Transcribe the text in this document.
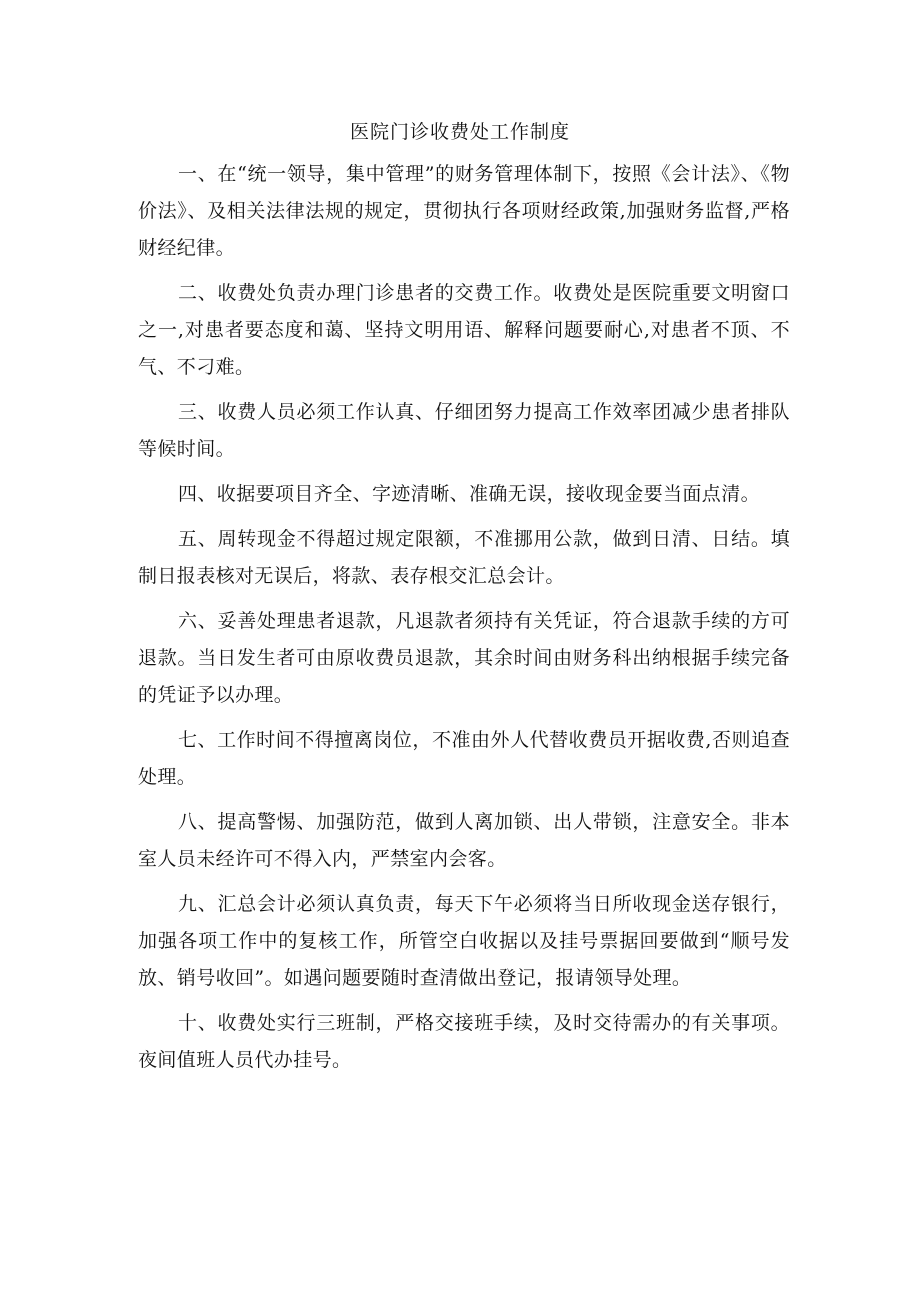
医院门诊收费处工作制度

一、在“统一领导，集中管理”的财务管理体制下，按照《会计法》、《物价法》、及相关法律法规的规定，贯彻执行各项财经政策,加强财务监督,严格财经纪律。

二、收费处负责办理门诊患者的交费工作。收费处是医院重要文明窗口之一,对患者要态度和蔼、坚持文明用语、解释问题要耐心,对患者不顶、不气、不刁难。

三、收费人员必须工作认真、仔细团努力提高工作效率团减少患者排队等候时间。

四、收据要项目齐全、字迹清晰、准确无误，接收现金要当面点清。

五、周转现金不得超过规定限额，不准挪用公款，做到日清、日结。填制日报表核对无误后，将款、表存根交汇总会计。

六、妥善处理患者退款，凡退款者须持有关凭证，符合退款手续的方可退款。当日发生者可由原收费员退款，其余时间由财务科出纳根据手续完备的凭证予以办理。

七、工作时间不得擅离岗位，不准由外人代替收费员开据收费,否则追查处理。

八、提高警惕、加强防范，做到人离加锁、出人带锁，注意安全。非本室人员未经许可不得入内，严禁室内会客。

九、汇总会计必须认真负责，每天下午必须将当日所收现金送存银行，加强各项工作中的复核工作，所管空白收据以及挂号票据回要做到“顺号发放、销号收回”。如遇问题要随时查清做出登记，报请领导处理。

十、收费处实行三班制，严格交接班手续，及时交待需办的有关事项。夜间值班人员代办挂号。
